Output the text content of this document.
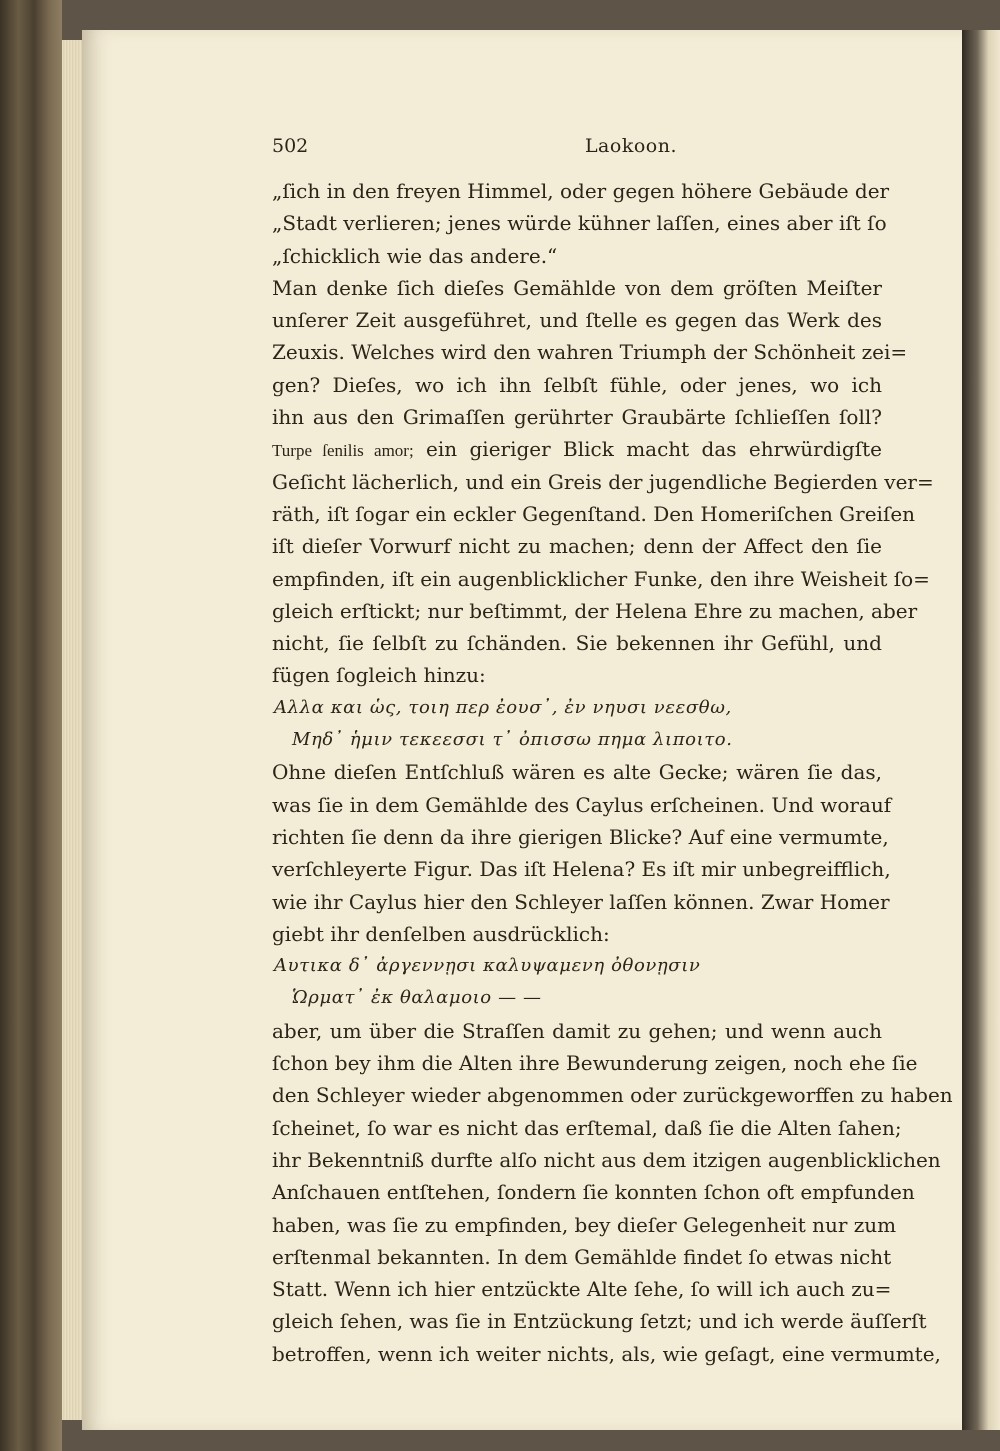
502	Laokoon.
„ſich in den freyen Himmel, oder gegen höhere Gebäude der
„Stadt verlieren; jenes würde kühner laſſen, eines aber iſt ſo
„ſchicklich wie das andere.“
Man denke ſich dieſes Gemählde von dem gröſten Meiſter
unſerer Zeit ausgeführet, und ſtelle es gegen das Werk des
Zeuxis. Welches wird den wahren Triumph der Schönheit zei=
gen? Dieſes, wo ich ihn ſelbſt fühle, oder jenes, wo ich
ihn aus den Grimaſſen gerührter Graubärte ſchlieſſen ſoll?
Turpe ſenilis amor; ein gieriger Blick macht das ehrwürdigſte
Geſicht lächerlich, und ein Greis der jugendliche Begierden ver=
räth, iſt ſogar ein eckler Gegenſtand. Den Homeriſchen Greiſen
iſt dieſer Vorwurf nicht zu machen; denn der Affect den ſie
empfinden, iſt ein augenblicklicher Funke, den ihre Weisheit ſo=
gleich erſtickt; nur beſtimmt, der Helena Ehre zu machen, aber
nicht, ſie ſelbſt zu ſchänden. Sie bekennen ihr Gefühl, und
fügen ſogleich hinzu:
Αλλα και ὡς, τοιη περ ἐουσ᾽, ἐν νηυσι νεεσθω,
Μηδ᾽ ἡμιν τεκεεσσι τ᾽ ὀπισσω πημα λιποιτο.
Ohne dieſen Entſchluß wären es alte Gecke; wären ſie das,
was ſie in dem Gemählde des Caylus erſcheinen. Und worauf
richten ſie denn da ihre gierigen Blicke? Auf eine vermumte,
verſchleyerte Figur. Das iſt Helena? Es iſt mir unbegreifflich,
wie ihr Caylus hier den Schleyer laſſen können. Zwar Homer
giebt ihr denſelben ausdrücklich:
Αυτικα δ᾽ ἀργεννῃσι καλυψαμενη ὀθονῃσιν
Ὡρματ᾽ ἐκ θαλαμοιο — —
aber, um über die Straſſen damit zu gehen; und wenn auch
ſchon bey ihm die Alten ihre Bewunderung zeigen, noch ehe ſie
den Schleyer wieder abgenommen oder zurückgeworffen zu haben
ſcheinet, ſo war es nicht das erſtemal, daß ſie die Alten ſahen;
ihr Bekenntniß durfte alſo nicht aus dem itzigen augenblicklichen
Anſchauen entſtehen, ſondern ſie konnten ſchon oft empfunden
haben, was ſie zu empfinden, bey dieſer Gelegenheit nur zum
erſtenmal bekannten. In dem Gemählde findet ſo etwas nicht
Statt. Wenn ich hier entzückte Alte ſehe, ſo will ich auch zu=
gleich ſehen, was ſie in Entzückung ſetzt; und ich werde äuſſerſt
betroffen, wenn ich weiter nichts, als, wie geſagt, eine vermumte,
